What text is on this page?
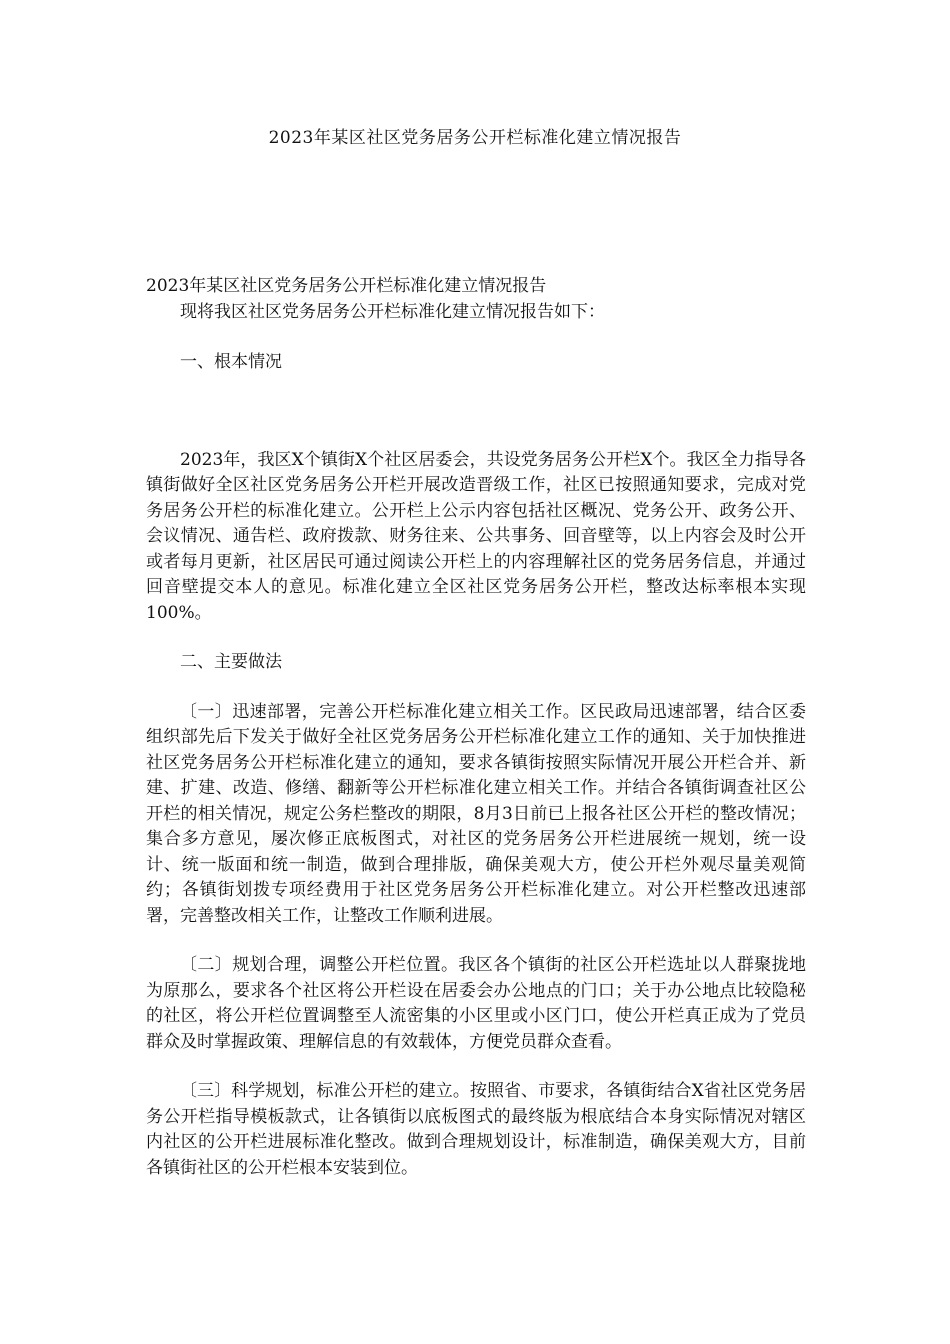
2023年某区社区党务居务公开栏标准化建立情况报告

2023年某区社区党务居务公开栏标准化建立情况报告

现将我区社区党务居务公开栏标准化建立情况报告如下：

一、根本情况

2023年，我区X个镇街X个社区居委会，共设党务居务公开栏X个。我区全力指导各镇街做好全区社区党务居务公开栏开展改造晋级工作，社区已按照通知要求，完成对党务居务公开栏的标准化建立。公开栏上公示内容包括社区概况、党务公开、政务公开、会议情况、通告栏、政府拨款、财务往来、公共事务、回音壁等，以上内容会及时公开或者每月更新，社区居民可通过阅读公开栏上的内容理解社区的党务居务信息，并通过回音壁提交本人的意见。标准化建立全区社区党务居务公开栏，整改达标率根本实现100%。

二、主要做法

〔一〕迅速部署，完善公开栏标准化建立相关工作。区民政局迅速部署，结合区委组织部先后下发关于做好全社区党务居务公开栏标准化建立工作的通知、关于加快推进社区党务居务公开栏标准化建立的通知，要求各镇街按照实际情况开展公开栏合并、新建、扩建、改造、修缮、翻新等公开栏标准化建立相关工作。并结合各镇街调查社区公开栏的相关情况，规定公务栏整改的期限，8月3日前已上报各社区公开栏的整改情况；集合多方意见，屡次修正底板图式，对社区的党务居务公开栏进展统一规划，统一设计、统一版面和统一制造，做到合理排版，确保美观大方，使公开栏外观尽量美观简约；各镇街划拨专项经费用于社区党务居务公开栏标准化建立。对公开栏整改迅速部署，完善整改相关工作，让整改工作顺利进展。

〔二〕规划合理，调整公开栏位置。我区各个镇街的社区公开栏选址以人群聚拢地为原那么，要求各个社区将公开栏设在居委会办公地点的门口；关于办公地点比较隐秘的社区，将公开栏位置调整至人流密集的小区里或小区门口，使公开栏真正成为了党员群众及时掌握政策、理解信息的有效载体，方便党员群众查看。

〔三〕科学规划，标准公开栏的建立。按照省、市要求，各镇街结合X省社区党务居务公开栏指导模板款式，让各镇街以底板图式的最终版为根底结合本身实际情况对辖区内社区的公开栏进展标准化整改。做到合理规划设计，标准制造，确保美观大方，目前各镇街社区的公开栏根本安装到位。
